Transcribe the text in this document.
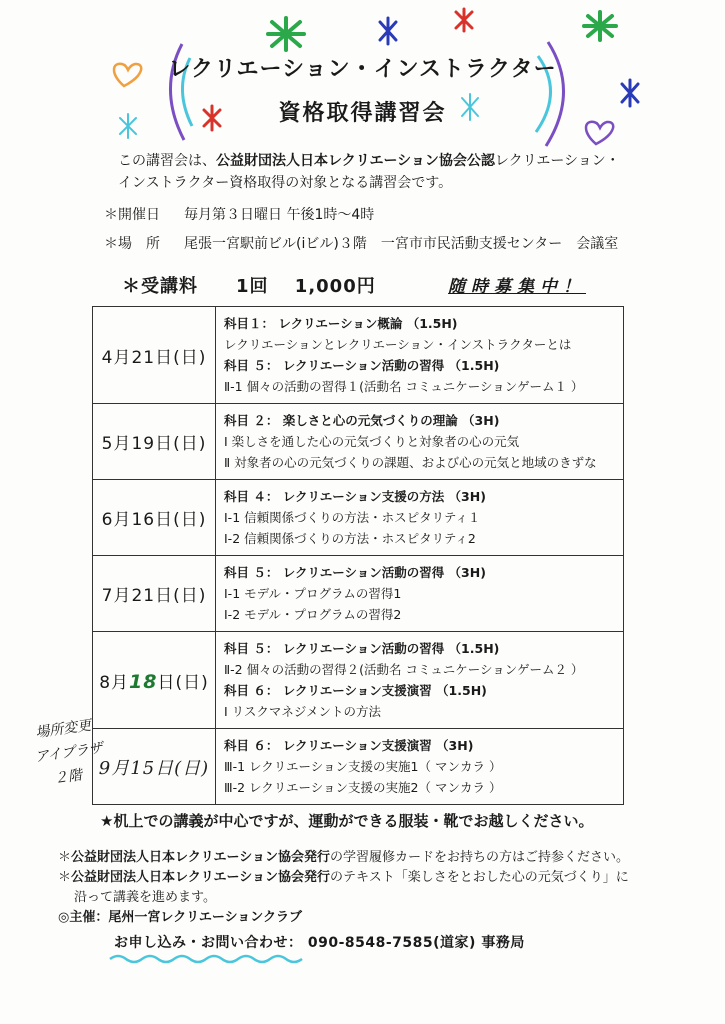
レクリエーション・インストラクター
資格取得講習会
この講習会は、公益財団法人日本レクリエーション協会公認レクリエーション・
インストラクター資格取得の対象となる講習会です。
＊開催日 毎月第３日曜日 午後1時～4時
＊場　所 尾張一宮駅前ビル(iビル)３階　一宮市市民活動支援センター　会議室
＊受講料　　1回　 1,000円	随時募集中！
4月21日(日)	科目１： レクリエーション概論 （1.5H)
レクリエーションとレクリエーション・インストラクターとは
科目 ５： レクリエーション活動の習得 （1.5H)
Ⅱ-1 個々の活動の習得１(活動名 コミュニケーションゲーム１ ）

5月19日(日)	科目 ２： 楽しさと心の元気づくりの理論 （3H)
Ⅰ 楽しさを通した心の元気づくりと対象者の心の元気
Ⅱ 対象者の心の元気づくりの課題、および心の元気と地域のきずな

6月16日(日)	科目 ４： レクリエーション支援の方法 （3H)
Ⅰ-1 信頼関係づくりの方法・ホスピタリティ１
Ⅰ-2 信頼関係づくりの方法・ホスピタリティ2

7月21日(日)	科目 ５： レクリエーション活動の習得 （3H)
Ⅰ-1 モデル・プログラムの習得1
Ⅰ-2 モデル・プログラムの習得2

8月18日(日)	科目 ５： レクリエーション活動の習得 （1.5H)
Ⅱ-2 個々の活動の習得２(活動名 コミュニケーションゲーム２ ）
科目 ６： レクリエーション支援演習 （1.5H)
Ⅰ リスクマネジメントの方法

9月15日(日)	科目 ６： レクリエーション支援演習 （3H)
Ⅲ-1 レクリエーション支援の実施1（ マンカラ ）
Ⅲ-2 レクリエーション支援の実施2（ マンカラ ）
場所変更
アイプラザ
２階
★机上での講義が中心ですが、運動ができる服装・靴でお越しください。
＊公益財団法人日本レクリエーション協会発行の学習履修カードをお持ちの方はご持参ください。
＊公益財団法人日本レクリエーション協会発行のテキスト「楽しさをとおした心の元気づくり」に
沿って講義を進めます。
◎主催：尾州一宮レクリエーションクラブ
お申し込み・お問い合わせ： 090-8548-7585(道家) 事務局
